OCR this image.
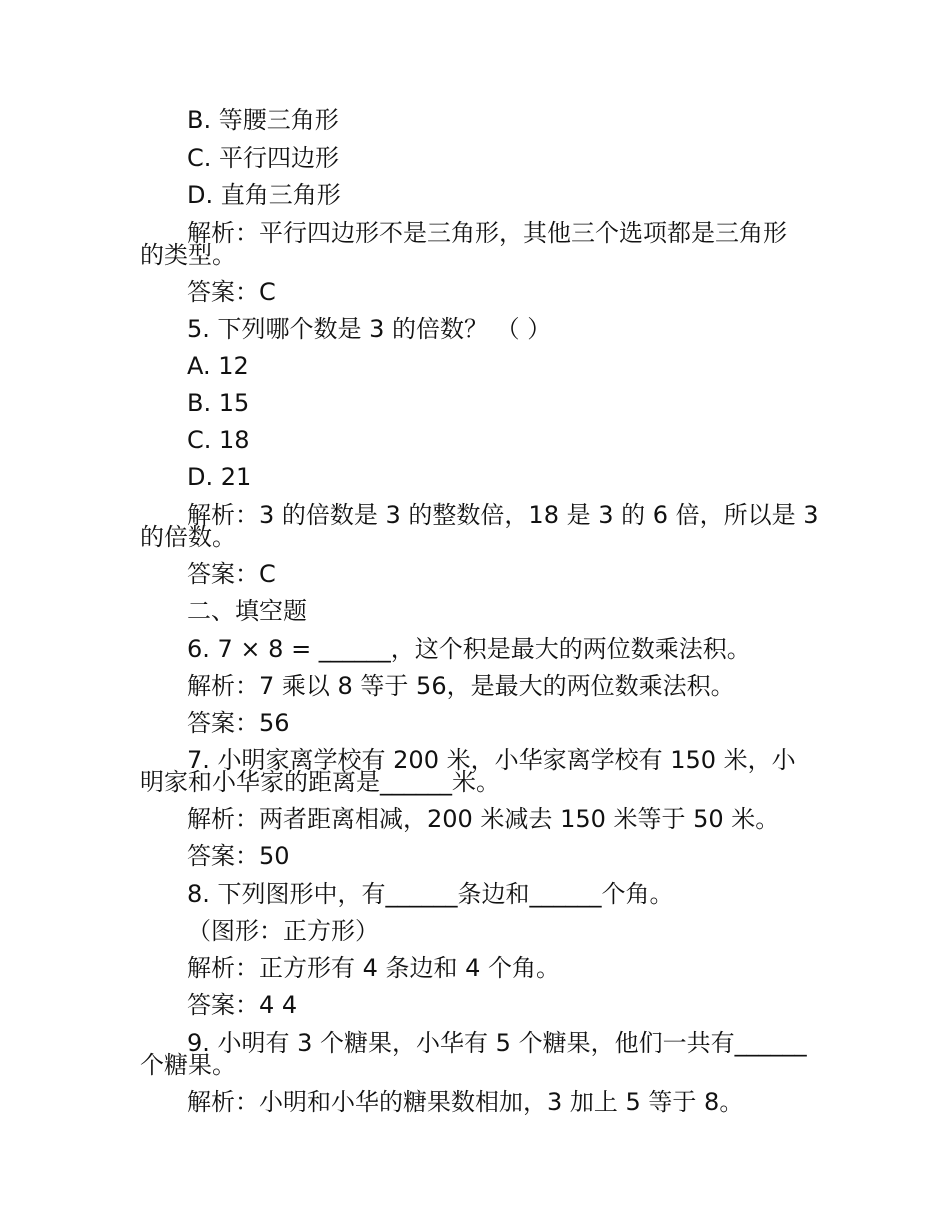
B. 等腰三角形
C. 平行四边形
D. 直角三角形
解析：平行四边形不是三角形，其他三个选项都是三角形
的类型。
答案：C
5. 下列哪个数是 3 的倍数？ （ ）
A. 12
B. 15
C. 18
D. 21
解析：3 的倍数是 3 的整数倍，18 是 3 的 6 倍，所以是 3
的倍数。
答案：C
二、填空题
6. 7 × 8 = ______，这个积是最大的两位数乘法积。
解析：7 乘以 8 等于 56，是最大的两位数乘法积。
答案：56
7. 小明家离学校有 200 米，小华家离学校有 150 米，小
明家和小华家的距离是______米。
解析：两者距离相减，200 米减去 150 米等于 50 米。
答案：50
8. 下列图形中，有______条边和______个角。
（图形：正方形）
解析：正方形有 4 条边和 4 个角。
答案：4 4
9. 小明有 3 个糖果，小华有 5 个糖果，他们一共有______
个糖果。
解析：小明和小华的糖果数相加，3 加上 5 等于 8。
